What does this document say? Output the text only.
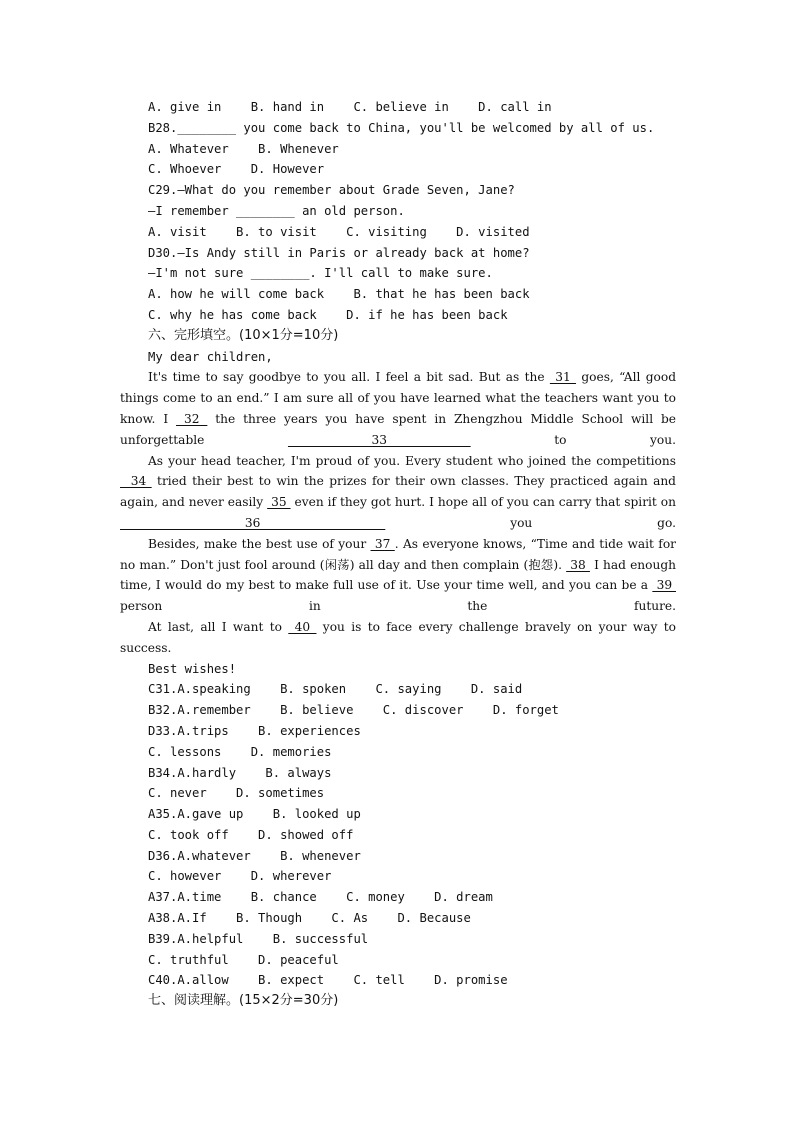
A. give in    B. hand in    C. believe in    D. call in
B28.________ you come back to China, you'll be welcomed by all of us.
A. Whatever    B. Whenever
C. Whoever    D. However
C29.—What do you remember about Grade Seven, Jane?
—I remember ________ an old person.
A. visit    B. to visit    C. visiting    D. visited
D30.—Is Andy still in Paris or already back at home?
—I'm not sure ________. I'll call to make sure.
A. how he will come back    B. that he has been back
C. why he has come back    D. if he has been back
六、完形填空。(10×1分=10分)
My dear children,
It's time to say goodbye to you all. I feel a bit sad. But as the  31  goes, “All good things come to an end.” I am sure all of you have learned what the teachers want you to know. I  32  the three years you have spent in Zhengzhou Middle School will be unforgettable  33  to you.
As your head teacher, I'm proud of you. Every student who joined the competitions   34  tried their best to win the prizes for their own classes. They practiced again and again, and never easily  35  even if they got hurt. I hope all of you can carry that spirit on  36  you go.
Besides, make the best use of your  37 . As everyone knows, “Time and tide wait for no man.” Don't just fool around (闲荡) all day and then complain (抱怨).  38  I had enough time, I would do my best to make full use of it. Use your time well, and you can be a  39  person in the future.
At last, all I want to  40  you is to face every challenge bravely on your way to success.
Best wishes!
C31.A.speaking    B. spoken    C. saying    D. said
B32.A.remember    B. believe    C. discover    D. forget
D33.A.trips    B. experiences
C. lessons    D. memories
B34.A.hardly    B. always
C. never    D. sometimes
A35.A.gave up    B. looked up
C. took off    D. showed off
D36.A.whatever    B. whenever
C. however    D. wherever
A37.A.time    B. chance    C. money    D. dream
A38.A.If    B. Though    C. As    D. Because
B39.A.helpful    B. successful
C. truthful    D. peaceful
C40.A.allow    B. expect    C. tell    D. promise
七、阅读理解。(15×2分=30分)
